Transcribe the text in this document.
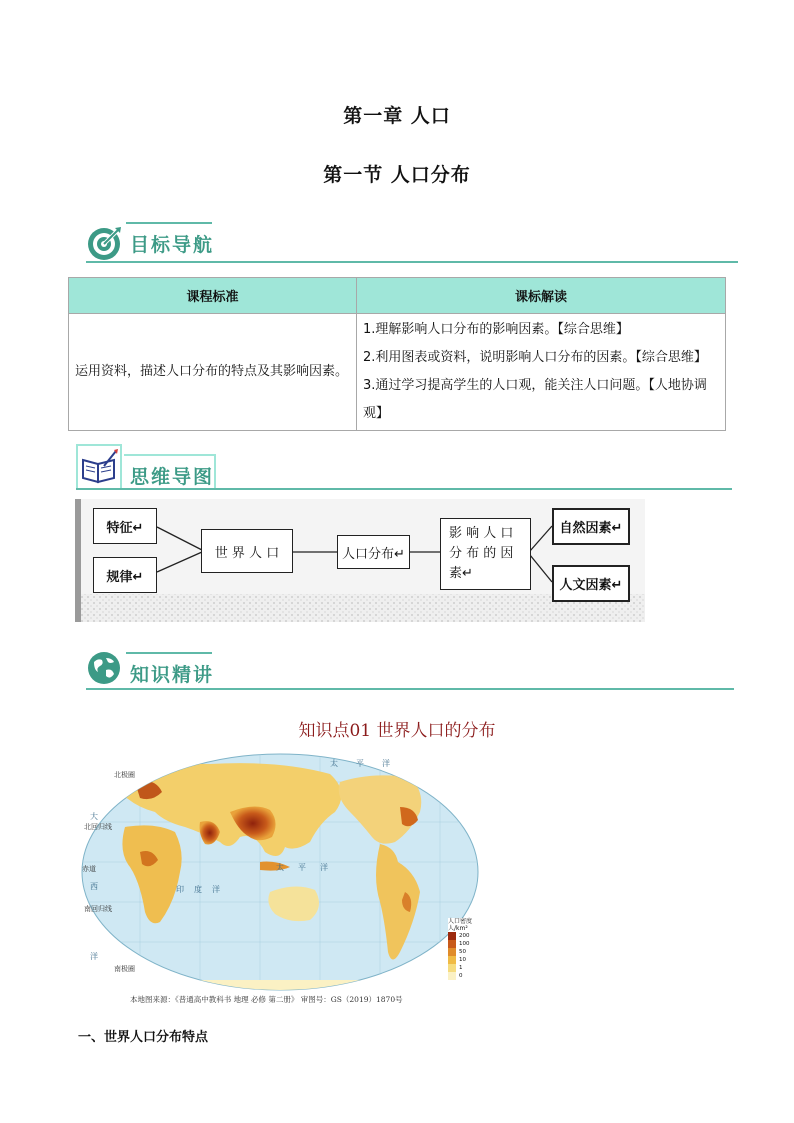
第一章 人口
第一节 人口分布
目标导航
课程标准	课标解读
运用资料，描述人口分布的特点及其影响因素。	1.理解影响人口分布的影响因素。【综合思维】
2.利用图表或资料，说明影响人口分布的因素。【综合思维】
3.通过学习提高学生的人口观，能关注人口问题。【人地协调观】
思维导图
特征↵
规律↵
世 界 人 口	人口分布↵
影 响 人 口
分 布 的 因
素↵
自然因素↵
人文因素↵
知识精讲
知识点01 世界人口的分布
北极圈
北回归线
赤道
南回归线
南极圈
太平洋
太平洋
印度洋
大
西
洋
人口密度
人/km²
200
100
50
10
1
0
本地图来源：《普通高中教科书 地理 必修 第二册》 审图号：GS（2019）1870号
一、世界人口分布特点
